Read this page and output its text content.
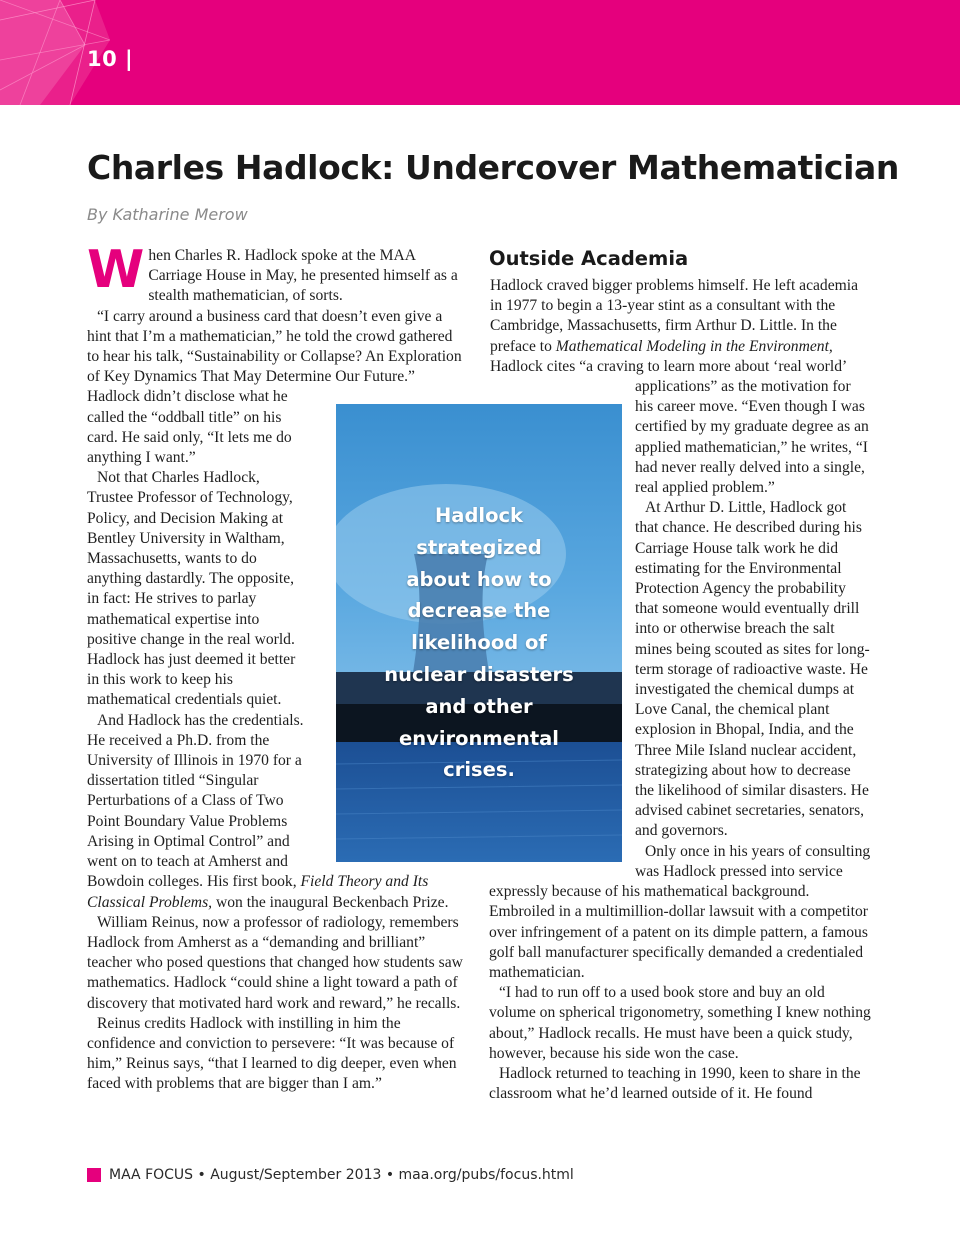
10 |
Charles Hadlock: Undercover Mathematician

By Katharine Merow

When Charles R. Hadlock spoke at the MAA Carriage House in May, he presented himself as a stealth mathematician, of sorts.

“I carry around a business card that doesn’t even give a hint that I’m a mathematician,” he told the crowd gathered to hear his talk, “Sustainability or Collapse? An Exploration of Key Dynamics That May Determine Our Future.” Hadlock didn’t disclose what he called the “oddball title” on his card. He said only, “It lets me do anything I want.”

Not that Charles Hadlock, Trustee Professor of Technology, Policy, and Decision Making at Bentley University in Waltham, Massachusetts, wants to do anything dastardly. The opposite, in fact: He strives to parlay mathematical expertise into positive change in the real world. Hadlock has just deemed it better in this work to keep his mathematical credentials quiet.

And Hadlock has the credentials. He received a Ph.D. from the University of Illinois in 1970 for a dissertation titled “Singular Perturbations of a Class of Two Point Boundary Value Problems Arising in Optimal Control” and went on to teach at Amherst and Bowdoin colleges. His first book, Field Theory and Its Classical Problems, won the inaugural Beckenbach Prize.

William Reinus, now a professor of radiology, remembers Hadlock from Amherst as a “demanding and brilliant” teacher who posed questions that changed how students saw mathematics. Hadlock “could shine a light toward a path of discovery that motivated hard work and reward,” he recalls.

Reinus credits Hadlock with instilling in him the confidence and conviction to persevere: “It was because of him,” Reinus says, “that I learned to dig deeper, even when faced with problems that are bigger than I am.”

Hadlock
strategized
about how to
decrease the
likelihood of
nuclear disasters
and other
environmental
crises.
MAA FOCUS • August/September 2013 • maa.org/pubs/focus.html
Outside Academia

Hadlock craved bigger problems himself. He left academia in 1977 to begin a 13-year stint as a consultant with the Cambridge, Massachusetts, firm Arthur D. Little. In the preface to Mathematical Modeling in the Environment, Hadlock cites “a craving to learn more about ‘real world’ applications” as the motivation for his career move. “Even though I was certified by my graduate degree as an applied mathematician,” he writes, “I had never really delved into a single, real applied problem.”

At Arthur D. Little, Hadlock got that chance. He described during his Carriage House talk work he did estimating for the Environmental Protection Agency the probability that someone would eventually drill into or otherwise breach the salt mines being scouted as sites for long-term storage of radioactive waste. He investigated the chemical dumps at Love Canal, the chemical plant explosion in Bhopal, India, and the Three Mile Island nuclear accident, strategizing about how to decrease the likelihood of similar disasters. He advised cabinet secretaries, senators, and governors.

Only once in his years of consulting was Hadlock pressed into service expressly because of his mathematical background. Embroiled in a multimillion-dollar lawsuit with a competitor over infringement of a patent on its dimple pattern, a famous golf ball manufacturer specifically demanded a credentialed mathematician.

“I had to run off to a used book store and buy an old volume on spherical trigonometry, something I knew nothing about,” Hadlock recalls. He must have been a quick study, however, because his side won the case.

Hadlock returned to teaching in 1990, keen to share in the classroom what he’d learned outside of it. He found
